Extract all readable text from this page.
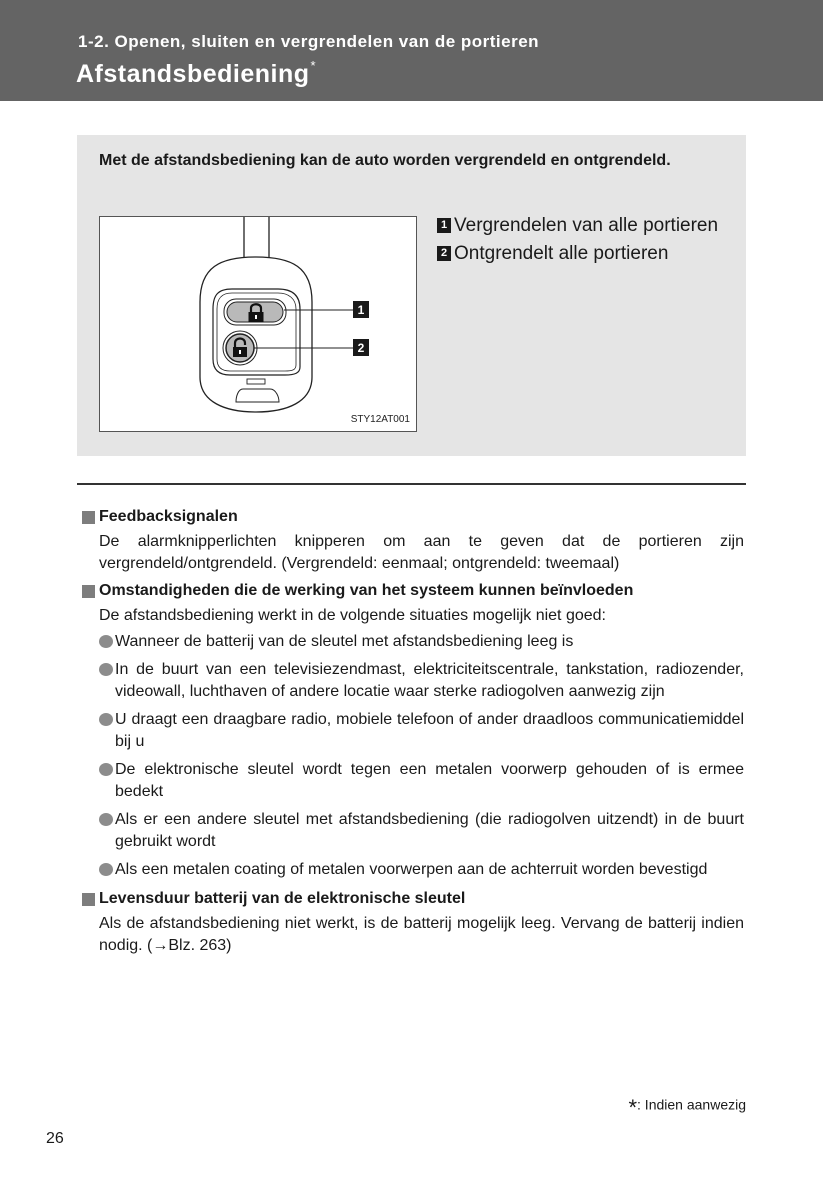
1-2. Openen, sluiten en vergrendelen van de portieren
Afstandsbediening*
Met de afstandsbediening kan de auto worden vergrendeld en ontgrendeld.
1
2
STY12AT001
1 Vergrendelen van alle portieren
2 Ontgrendelt alle portieren
Feedbacksignalen
De alarmknipperlichten knipperen om aan te geven dat de portieren zijn vergrendeld/ontgrendeld. (Vergrendeld: eenmaal; ontgrendeld: tweemaal)
Omstandigheden die de werking van het systeem kunnen beïnvloeden
De afstandsbediening werkt in de volgende situaties mogelijk niet goed:
Wanneer de batterij van de sleutel met afstandsbediening leeg is
In de buurt van een televisiezendmast, elektriciteitscentrale, tankstation, radiozender, videowall, luchthaven of andere locatie waar sterke radiogolven aanwezig zijn
U draagt een draagbare radio, mobiele telefoon of ander draadloos communicatiemiddel bij u
De elektronische sleutel wordt tegen een metalen voorwerp gehouden of is ermee bedekt
Als er een andere sleutel met afstandsbediening (die radiogolven uitzendt) in de buurt gebruikt wordt
Als een metalen coating of metalen voorwerpen aan de achterruit worden bevestigd
Levensduur batterij van de elektronische sleutel
Als de afstandsbediening niet werkt, is de batterij mogelijk leeg. Vervang de batterij indien nodig. (→Blz. 263)
*: Indien aanwezig
26
